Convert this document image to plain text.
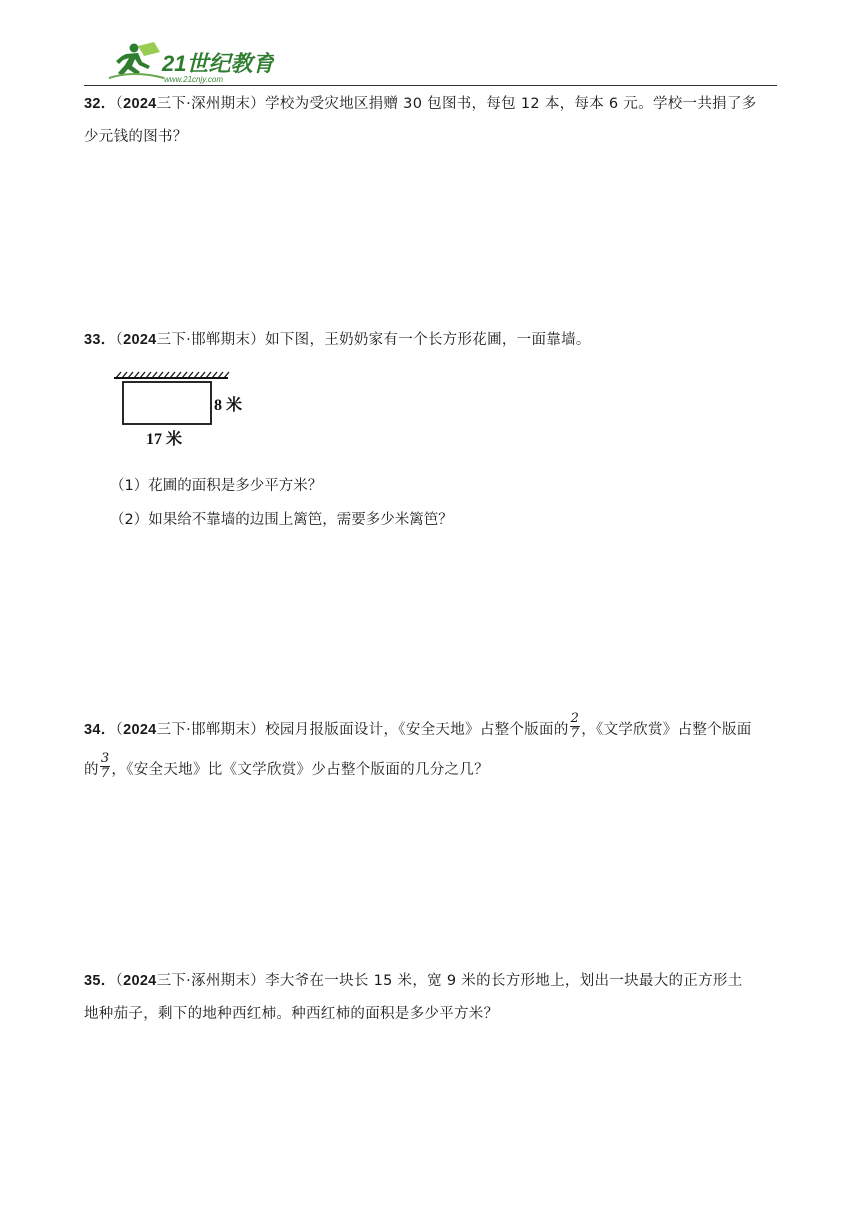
21世纪教育
www.21cnjy.com
32．（2024三下·深州期末）学校为受灾地区捐赠 30 包图书，每包 12 本，每本 6 元。学校一共捐了多
少元钱的图书？
33．（2024三下·邯郸期末）如下图，王奶奶家有一个长方形花圃，一面靠墙。
8 米
17 米
（1）花圃的面积是多少平方米？
（2）如果给不靠墙的边围上篱笆，需要多少米篱笆？
34．（2024三下·邯郸期末）校园月报版面设计，《安全天地》占整个版面的 $\frac{2}{7}$ ，《文学欣赏》占整个版面
的 $\frac{3}{7}$ ，《安全天地》比《文学欣赏》少占整个版面的几分之几？
35．（2024三下·涿州期末）李大爷在一块长 15 米，宽 9 米的长方形地上，划出一块最大的正方形土
地种茄子，剩下的地种西红柿。种西红柿的面积是多少平方米？
